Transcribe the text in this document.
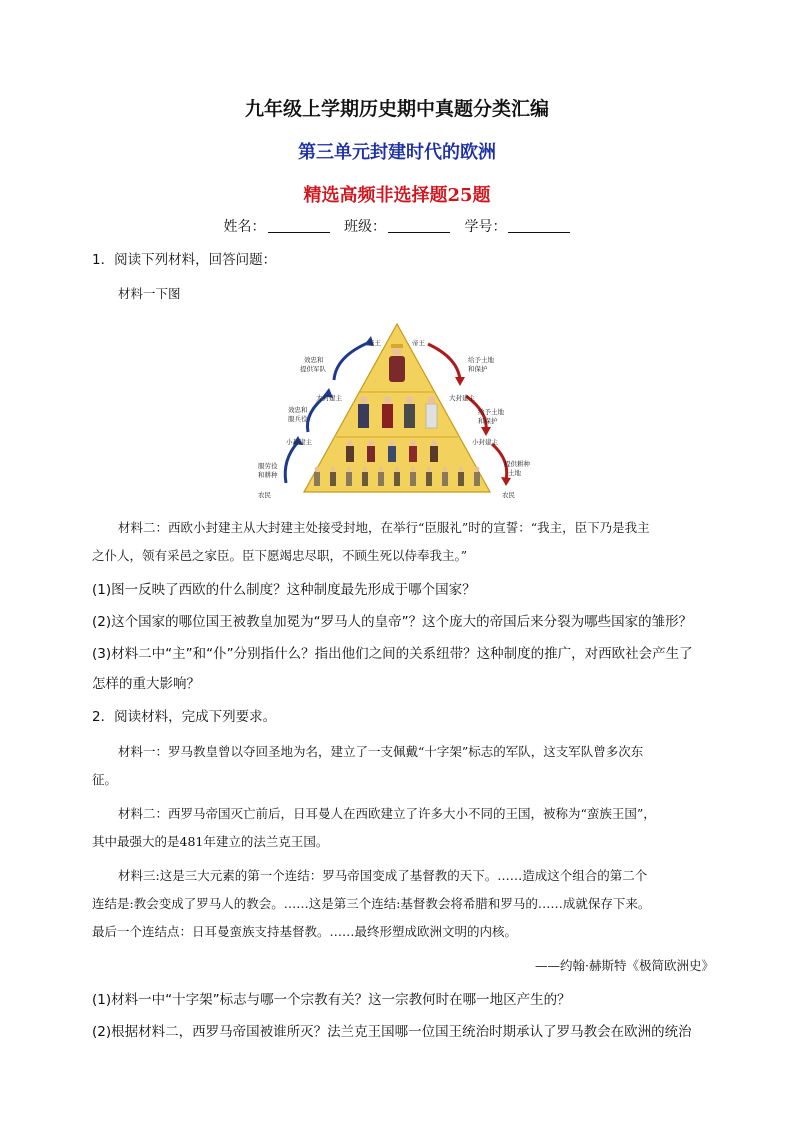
九年级上学期历史期中真题分类汇编
第三单元封建时代的欧洲
精选高频非选择题25题
姓名：	班级：	学号：
1．阅读下列材料，回答问题：
材料一下图
帝王	帝王
大封建主	大封建主
小封建主	小封建主
农民	农民
效忠和
提供军队
效忠和
服兵役
服劳役
和耕种
给予土地
和保护
给予土地
和保护
提供耕种
土地
材料二：西欧小封建主从大封建主处接受封地，在举行“臣服礼”时的宣誓：“我主，臣下乃是我主
之仆人，领有采邑之家臣。臣下愿竭忠尽职，不顾生死以侍奉我主。”
(1)图一反映了西欧的什么制度？这种制度最先形成于哪个国家？
(2)这个国家的哪位国王被教皇加冕为“罗马人的皇帝”？这个庞大的帝国后来分裂为哪些国家的雏形？
(3)材料二中“主”和“仆”分别指什么？指出他们之间的关系纽带？这种制度的推广，对西欧社会产生了
怎样的重大影响？
2．阅读材料，完成下列要求。
材料一：罗马教皇曾以夺回圣地为名，建立了一支佩戴“十字架”标志的军队，这支军队曾多次东
征。
材料二：西罗马帝国灭亡前后，日耳曼人在西欧建立了许多大小不同的王国，被称为“蛮族王国”，
其中最强大的是481年建立的法兰克王国。
材料三:这是三大元素的第一个连结：罗马帝国变成了基督教的天下。……造成这个组合的第二个
连结是:教会变成了罗马人的教会。……这是第三个连结:基督教会将希腊和罗马的……成就保存下来。
最后一个连结点：日耳曼蛮族支持基督教。……最终形塑成欧洲文明的内核。
——约翰·赫斯特《极简欧洲史》
(1)材料一中“十字架”标志与哪一个宗教有关？这一宗教何时在哪一地区产生的？
(2)根据材料二，西罗马帝国被谁所灭？法兰克王国哪一位国王统治时期承认了罗马教会在欧洲的统治
